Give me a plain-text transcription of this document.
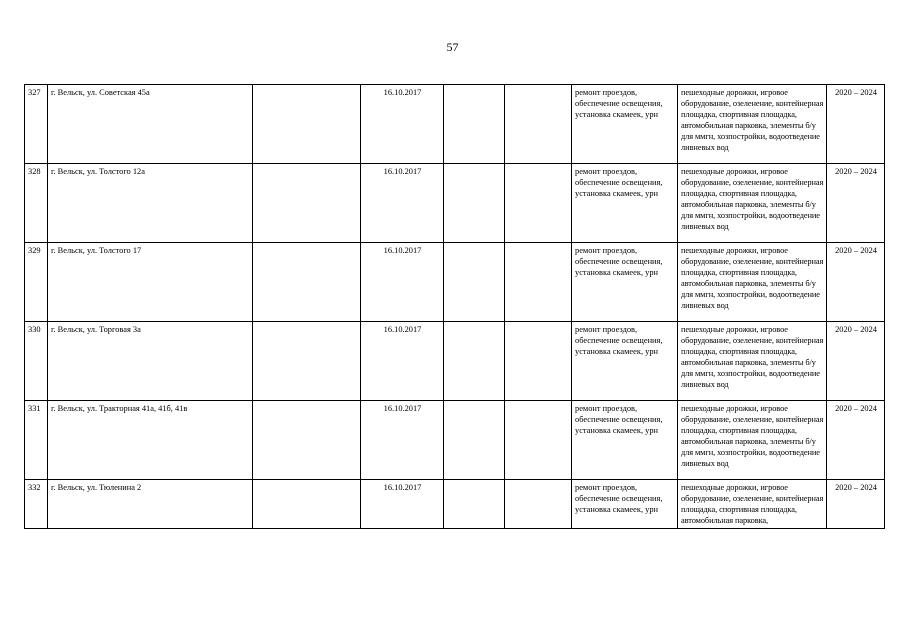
57
327	г. Вельск, ул. Советская 45а		16.10.2017			ремонт проездов, обеспечение освещения, установка скамеек, урн	пешеходные дорожки, игровое оборудование, озеленение, контейнерная площадка, спортивная площадка, автомобильная парковка, элементы б/у для ммгн, хозпостройки, водоотведение ливневых вод	2020 – 2024
328	г. Вельск, ул. Толстого 12а		16.10.2017			ремонт проездов, обеспечение освещения, установка скамеек, урн	пешеходные дорожки, игровое оборудование, озеленение, контейнерная площадка, спортивная площадка, автомобильная парковка, элементы б/у для ммгн, хозпостройки, водоотведение ливневых вод	2020 – 2024
329	г. Вельск, ул. Толстого 17		16.10.2017			ремонт проездов, обеспечение освещения, установка скамеек, урн	пешеходные дорожки, игровое оборудование, озеленение, контейнерная площадка, спортивная площадка, автомобильная парковка, элементы б/у для ммгн, хозпостройки, водоотведение ливневых вод	2020 – 2024
330	г. Вельск, ул. Торговая 3а		16.10.2017			ремонт проездов, обеспечение освещения, установка скамеек, урн	пешеходные дорожки, игровое оборудование, озеленение, контейнерная площадка, спортивная площадка, автомобильная парковка, элементы б/у для ммгн, хозпостройки, водоотведение ливневых вод	2020 – 2024
331	г. Вельск, ул. Тракторная 41а, 41б, 41в		16.10.2017			ремонт проездов, обеспечение освещения, установка скамеек, урн	пешеходные дорожки, игровое оборудование, озеленение, контейнерная площадка, спортивная площадка, автомобильная парковка, элементы б/у для ммгн, хозпостройки, водоотведение ливневых вод	2020 – 2024
332	г. Вельск, ул. Тюленина 2		16.10.2017			ремонт проездов, обеспечение освещения, установка скамеек, урн	пешеходные дорожки, игровое оборудование, озеленение, контейнерная площадка, спортивная площадка, автомобильная парковка,	2020 – 2024
